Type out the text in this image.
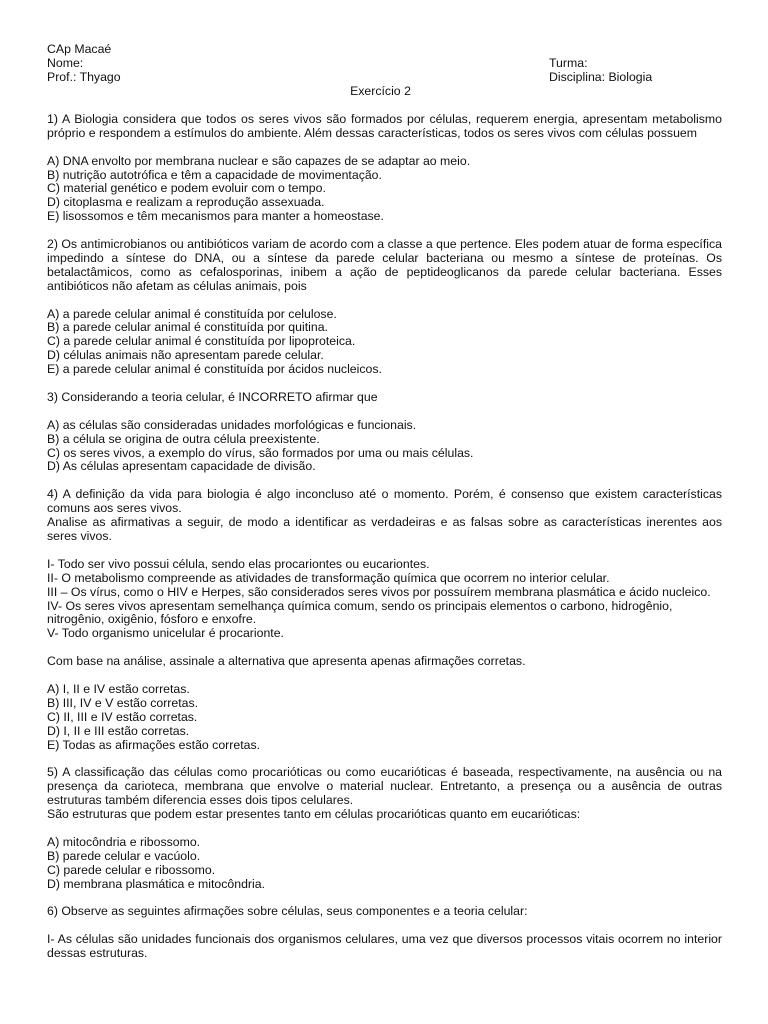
CAp Macaé
Nome:	Turma:
Prof.: Thyago	Disciplina: Biologia
Exercício 2

1) A Biologia considera que todos os seres vivos são formados por células, requerem energia, apresentam metabolismo próprio e respondem a estímulos do ambiente. Além dessas características, todos os seres vivos com células possuem

A) DNA envolto por membrana nuclear e são capazes de se adaptar ao meio.
B) nutrição autotrófica e têm a capacidade de movimentação.
C) material genético e podem evoluir com o tempo.
D) citoplasma e realizam a reprodução assexuada.
E) lisossomos e têm mecanismos para manter a homeostase.

2) Os antimicrobianos ou antibióticos variam de acordo com a classe a que pertence. Eles podem atuar de forma específica impedindo a síntese do DNA, ou a síntese da parede celular bacteriana ou mesmo a síntese de proteínas. Os betalactâmicos, como as cefalosporinas, inibem a ação de peptideoglicanos da parede celular bacteriana. Esses antibióticos não afetam as células animais, pois

A) a parede celular animal é constituída por celulose.
B) a parede celular animal é constituída por quitina.
C) a parede celular animal é constituída por lipoproteica.
D) células animais não apresentam parede celular.
E) a parede celular animal é constituída por ácidos nucleicos.

3) Considerando a teoria celular, é INCORRETO afirmar que

A) as células são consideradas unidades morfológicas e funcionais.
B) a célula se origina de outra célula preexistente.
C) os seres vivos, a exemplo do vírus, são formados por uma ou mais células.
D) As células apresentam capacidade de divisão.

4) A definição da vida para biologia é algo inconcluso até o momento. Porém, é consenso que existem características comuns aos seres vivos.

Analise as afirmativas a seguir, de modo a identificar as verdadeiras e as falsas sobre as características inerentes aos seres vivos.

I- Todo ser vivo possui célula, sendo elas procariontes ou eucariontes.

II- O metabolismo compreende as atividades de transformação química que ocorrem no interior celular.

III – Os vírus, como o HIV e Herpes, são considerados seres vivos por possuírem membrana plasmática e ácido nucleico.

IV- Os seres vivos apresentam semelhança química comum, sendo os principais elementos o carbono, hidrogênio, nitrogênio, oxigênio, fósforo e enxofre.

V- Todo organismo unicelular é procarionte.

Com base na análise, assinale a alternativa que apresenta apenas afirmações corretas.

A) I, II e IV estão corretas.
B) III, IV e V estão corretas.
C) II, III e IV estão corretas.
D) I, II e III estão corretas.
E) Todas as afirmações estão corretas.

5) A classificação das células como procarióticas ou como eucarióticas é baseada, respectivamente, na ausência ou na presença da carioteca, membrana que envolve o material nuclear. Entretanto, a presença ou a ausência de outras estruturas também diferencia esses dois tipos celulares.

São estruturas que podem estar presentes tanto em células procarióticas quanto em eucarióticas:

A) mitocôndria e ribossomo.
B) parede celular e vacúolo.
C) parede celular e ribossomo.
D) membrana plasmática e mitocôndria.

6) Observe as seguintes afirmações sobre células, seus componentes e a teoria celular:

I- As células são unidades funcionais dos organismos celulares, uma vez que diversos processos vitais ocorrem no interior dessas estruturas.
